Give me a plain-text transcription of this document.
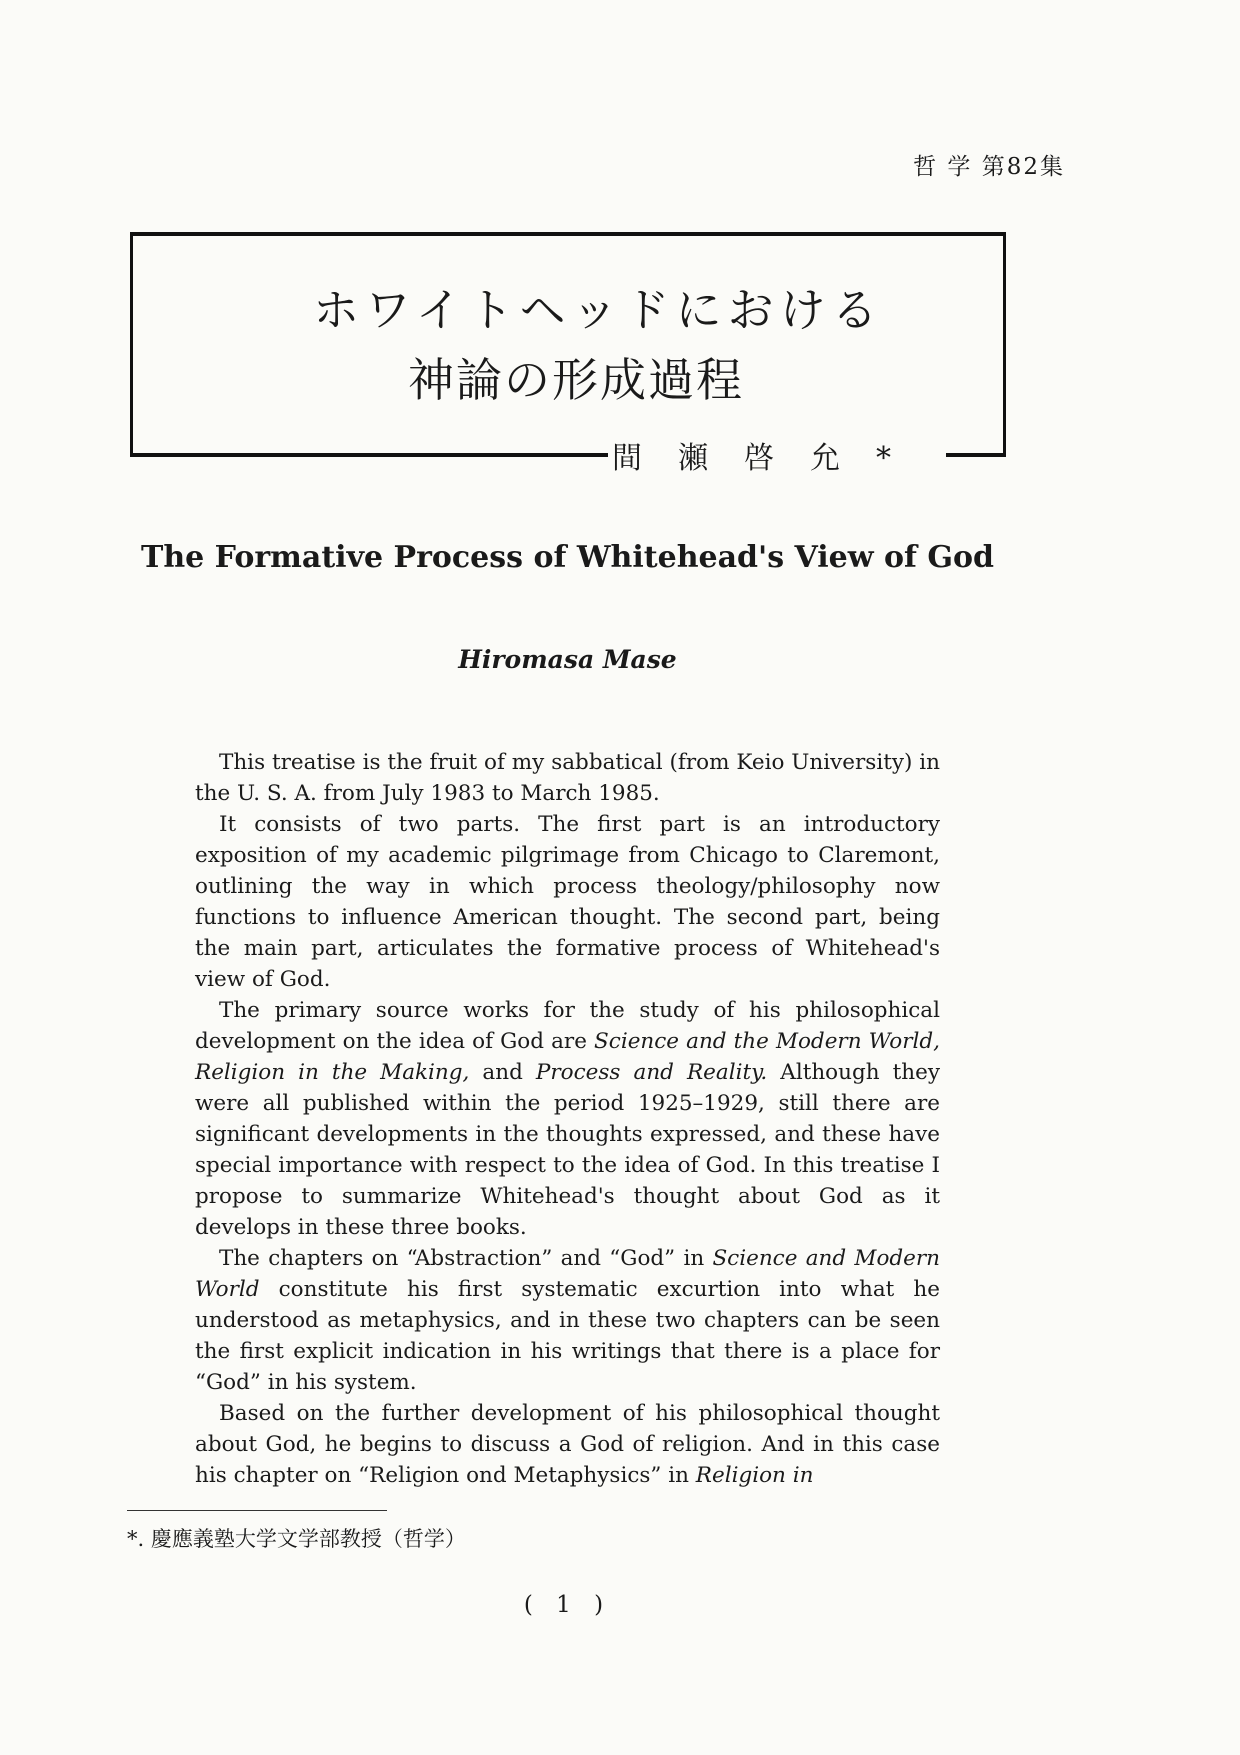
哲 学 第82集
ホワイトヘッドにおける
神論の形成過程
間瀬啓允*
The Formative Process of Whitehead's View of God
Hiromasa Mase

This treatise is the fruit of my sabbatical (from Keio University) in the U. S. A. from July 1983 to March 1985.

It consists of two parts. The first part is an introductory exposition of my academic pilgrimage from Chicago to Claremont, outlining the way in which process theology/philosophy now functions to influence American thought. The second part, being the main part, articulates the formative process of Whitehead's view of God.

The primary source works for the study of his philosophical development on the idea of God are Science and the Modern World, Religion in the Making, and Process and Reality. Although they were all published within the period 1925–1929, still there are significant developments in the thoughts expressed, and these have special importance with respect to the idea of God. In this treatise I propose to summarize Whitehead's thought about God as it develops in these three books.

The chapters on “Abstraction” and “God” in Science and Modern World constitute his first systematic excurtion into what he understood as metaphysics, and in these two chapters can be seen the first explicit indication in his writings that there is a place for “God” in his system.

Based on the further development of his philosophical thought about God, he begins to discuss a God of religion. And in this case his chapter on “Religion ond Metaphysics” in Religion in

*. 慶應義塾大学文学部教授（哲学）
( 1 )
